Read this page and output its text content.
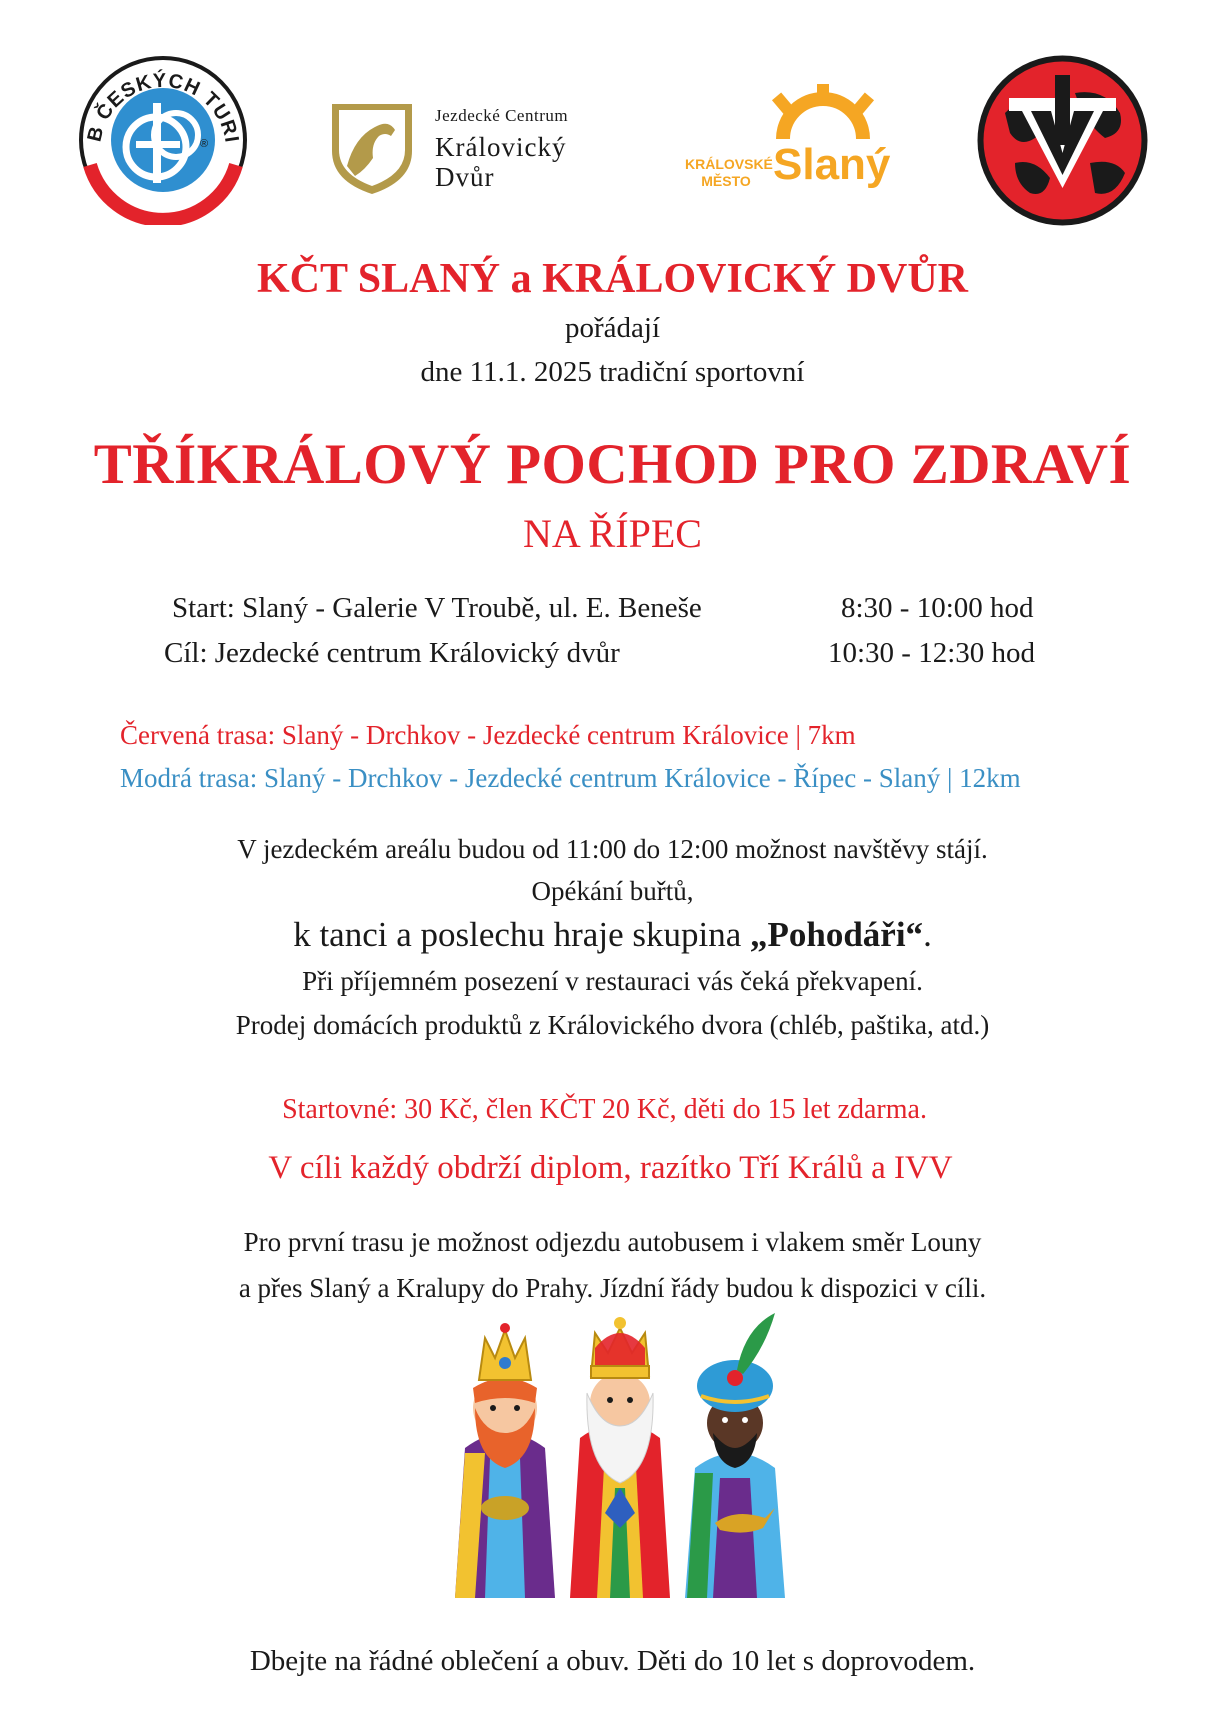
B ČESKÝCH TURI
®
Jezdecké Centrum
Královický
Dvůr	KRÁLOVSKÉ
MĚSTO Slaný
KČT SLANÝ a KRÁLOVICKÝ DVŮR
pořádají
dne 11.1. 2025 tradiční sportovní
TŘÍKRÁLOVÝ POCHOD PRO ZDRAVÍ
NA ŘÍPEC
Start: Slaný - Galerie V Troubě, ul. E. Beneše	8:30 - 10:00 hod
Cíl: Jezdecké centrum Královický dvůr	10:30 - 12:30 hod
Červená trasa: Slaný - Drchkov - Jezdecké centrum Královice | 7km
Modrá trasa: Slaný - Drchkov - Jezdecké centrum Královice - Řípec - Slaný | 12km
V jezdeckém areálu budou od 11:00 do 12:00 možnost navštěvy stájí.
Opékání buřtů,
k tanci a poslechu hraje skupina „Pohodáři“.
Při příjemném posezení v restauraci vás čeká překvapení.
Prodej domácích produktů z Královického dvora (chléb, paštika, atd.)
Startovné: 30 Kč, člen KČT 20 Kč, děti do 15 let zdarma.
V cíli každý obdrží diplom, razítko Tří Králů a IVV
Pro první trasu je možnost odjezdu autobusem i vlakem směr Louny
a přes Slaný a Kralupy do Prahy. Jízdní řády budou k dispozici v cíli.
Dbejte na řádné oblečení a obuv. Děti do 10 let s doprovodem.
